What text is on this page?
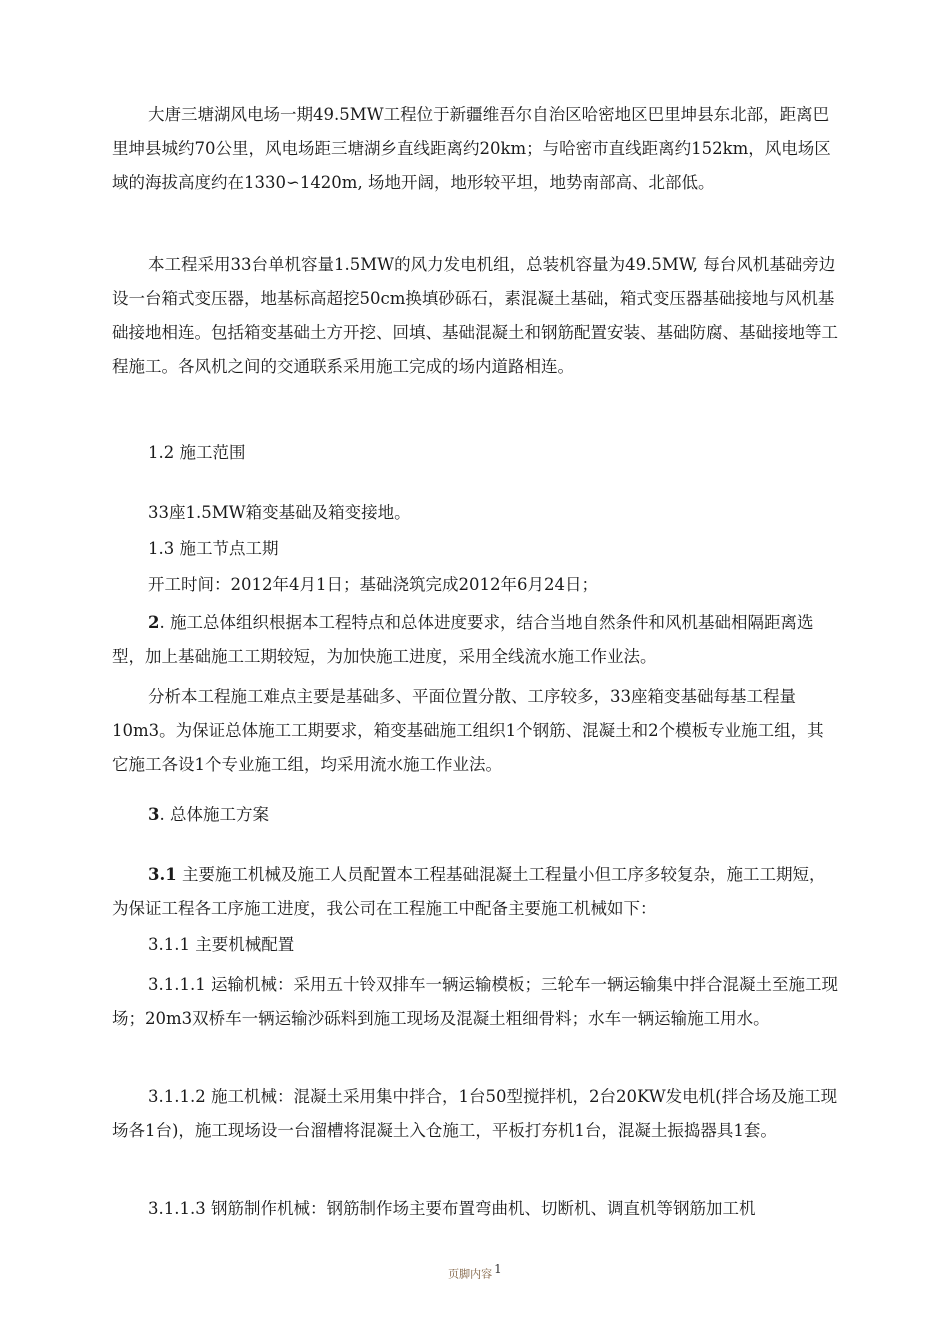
大唐三塘湖风电场一期49.5MW工程位于新疆维吾尔自治区哈密地区巴里坤县东北部，距离巴里坤县城约70公里，风电场距三塘湖乡直线距离约20km；与哈密市直线距离约152km，风电场区域的海拔高度约在1330∽1420m, 场地开阔，地形较平坦，地势南部高、北部低。

本工程采用33台单机容量1.5MW的风力发电机组，总装机容量为49.5MW, 每台风机基础旁边设一台箱式变压器，地基标高超挖50cm换填砂砾石，素混凝土基础，箱式变压器基础接地与风机基础接地相连。包括箱变基础土方开挖、回填、基础混凝土和钢筋配置安装、基础防腐、基础接地等工程施工。各风机之间的交通联系采用施工完成的场内道路相连。

1.2 施工范围

33座1.5MW箱变基础及箱变接地。

1.3 施工节点工期

开工时间：2012年4月1日；基础浇筑完成2012年6月24日；

2. 施工总体组织根据本工程特点和总体进度要求，结合当地自然条件和风机基础相隔距离选型，加上基础施工工期较短，为加快施工进度，采用全线流水施工作业法。

分析本工程施工难点主要是基础多、平面位置分散、工序较多，33座箱变基础每基工程量10m3。为保证总体施工工期要求，箱变基础施工组织1个钢筋、混凝土和2个模板专业施工组，其它施工各设1个专业施工组，均采用流水施工作业法。

3. 总体施工方案

3.1 主要施工机械及施工人员配置本工程基础混凝土工程量小但工序多较复杂，施工工期短，为保证工程各工序施工进度，我公司在工程施工中配备主要施工机械如下：

3.1.1 主要机械配置

3.1.1.1 运输机械：采用五十铃双排车一辆运输模板；三轮车一辆运输集中拌合混凝土至施工现场；20m3双桥车一辆运输沙砾料到施工现场及混凝土粗细骨料；水车一辆运输施工用水。

3.1.1.2 施工机械：混凝土采用集中拌合，1台50型搅拌机，2台20KW发电机(拌合场及施工现场各1台)，施工现场设一台溜槽将混凝土入仓施工，平板打夯机1台，混凝土振捣器具1套。

3.1.1.3 钢筋制作机械：钢筋制作场主要布置弯曲机、切断机、调直机等钢筋加工机

页脚内容 $^1$
